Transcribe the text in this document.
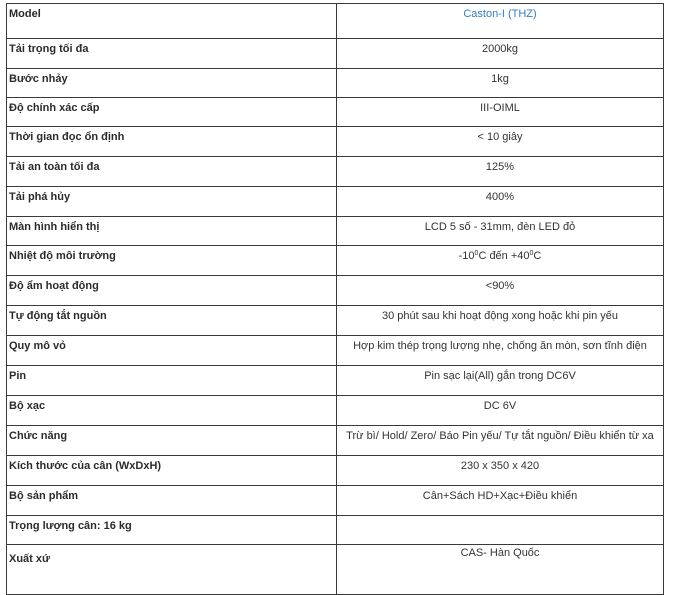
Model	Caston-I (THZ)
Tải trọng tối đa	2000kg
Bước nhảy	1kg
Độ chính xác cấp	III-OIML
Thời gian đọc ổn định	< 10 giây
Tải an toàn tối đa	125%
Tải phá hủy	400%
Màn hình hiển thị	LCD 5 số - 31mm, đèn LED đỏ
Nhiệt độ môi trường	$-10^0C$ đến $+40^0C$
Độ ẩm hoạt động	<90%
Tự động tắt nguồn	30 phút sau khi hoạt động xong hoặc khi pin yếu
Quy mô vỏ	Hợp kim thép trọng lượng nhẹ, chống ăn mòn, sơn tĩnh điện
Pin	Pin sạc lại(All) gắn trong DC6V
Bộ xạc	DC 6V
Chức năng	Trừ bì/ Hold/ Zero/ Báo Pin yếu/ Tự tắt nguồn/ Điều khiển từ xa
Kích thước của cân (WxDxH)	230 x 350 x 420
Bộ sản phẩm	Cân+Sách HD+Xạc+Điều khiển
Trọng lượng cân: 16 kg	
Xuất xứ	CAS- Hàn Quốc
